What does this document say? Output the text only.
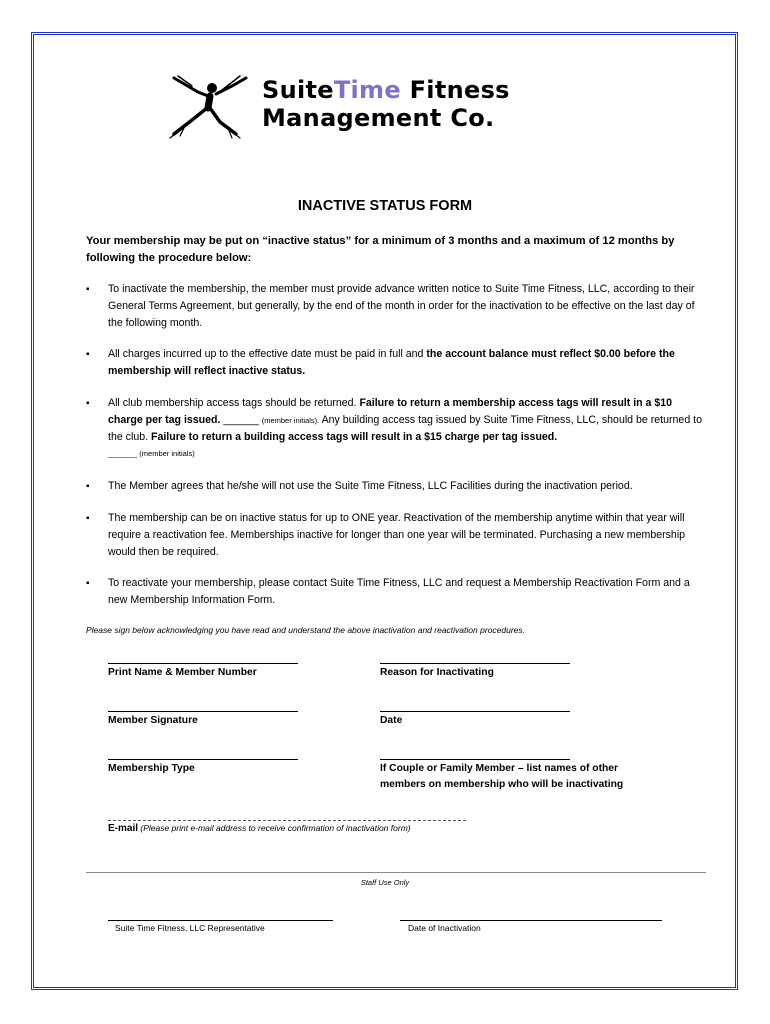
SuiteTime Fitness
Management Co.
INACTIVE STATUS FORM
Your membership may be put on “inactive status” for a minimum of 3 months and a maximum of 12 months by following the procedure below:
▪ To inactivate the membership, the member must provide advance written notice to Suite Time Fitness, LLC, according to their General Terms Agreement, but generally, by the end of the month in order for the inactivation to be effective on the last day of the following month.
▪ All charges incurred up to the effective date must be paid in full and the account balance must reflect $0.00 before the membership will reflect inactive status.
▪ All club membership access tags should be returned. Failure to return a membership access tags will result in a $10 charge per tag issued. ______ (member initials). Any building access tag issued by Suite Time Fitness, LLC, should be returned to the club. Failure to return a building access tags will result in a $15 charge per tag issued.
_______ (member initials)
▪ The Member agrees that he/she will not use the Suite Time Fitness, LLC Facilities during the inactivation period.
▪ The membership can be on inactive status for up to ONE year. Reactivation of the membership anytime within that year will require a reactivation fee. Memberships inactive for longer than one year will be terminated. Purchasing a new membership would then be required.
▪ To reactivate your membership, please contact Suite Time Fitness, LLC and request a Membership Reactivation Form and a new Membership Information Form.
Please sign below acknowledging you have read and understand the above inactivation and reactivation procedures.
Print Name & Member Number	Reason for Inactivating
Member Signature	Date
Membership Type	If Couple or Family Member – list names of other
members on membership who will be inactivating
E-mail (Please print e-mail address to receive confirmation of inactivation form)
Staff Use Only
Suite Time Fitness, LLC Representative	Date of Inactivation
